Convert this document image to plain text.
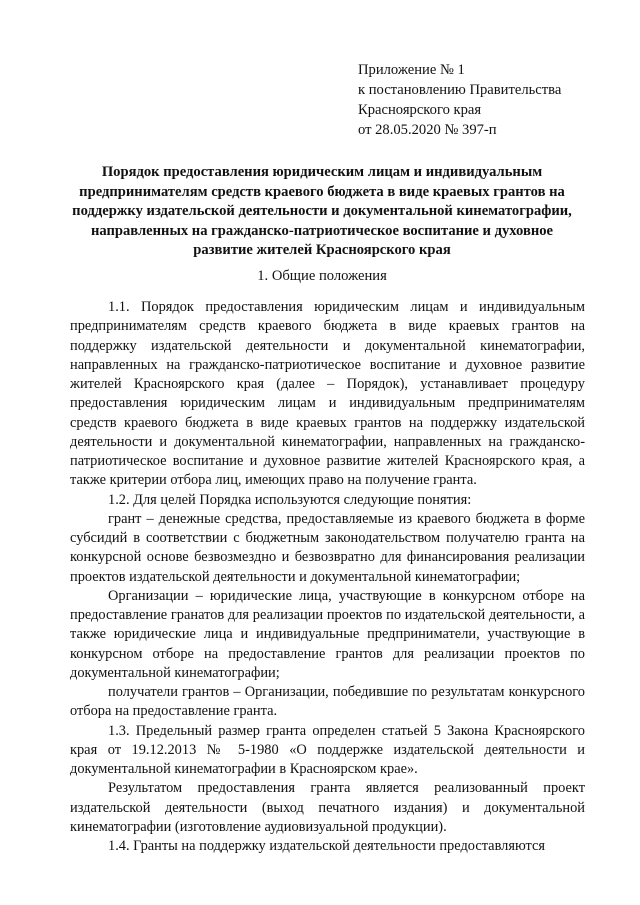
Приложение № 1
к постановлению Правительства
Красноярского края
от 28.05.2020 № 397-п
Порядок предоставления юридическим лицам и индивидуальным предпринимателям средств краевого бюджета в виде краевых грантов на поддержку издательской деятельности и документальной кинематографии, направленных на гражданско-патриотическое воспитание и духовное развитие жителей Красноярского края
1. Общие положения

1.1. Порядок предоставления юридическим лицам и индивидуальным предпринимателям средств краевого бюджета в виде краевых грантов на поддержку издательской деятельности и документальной кинематографии, направленных на гражданско-патриотическое воспитание и духовное развитие жителей Красноярского края (далее – Порядок), устанавливает процедуру предоставления юридическим лицам и индивидуальным предпринимателям средств краевого бюджета в виде краевых грантов на поддержку издательской деятельности и документальной кинематографии, направленных на гражданско-патриотическое воспитание и духовное развитие жителей Красноярского края, а также критерии отбора лиц, имеющих право на получение гранта.

1.2. Для целей Порядка используются следующие понятия:

грант – денежные средства, предоставляемые из краевого бюджета в форме субсидий в соответствии с бюджетным законодательством получателю гранта на конкурсной основе безвозмездно и безвозвратно для финансирования реализации проектов издательской деятельности и документальной кинематографии;

Организации – юридические лица, участвующие в конкурсном отборе на предоставление гранатов для реализации проектов по издательской деятельности, а также юридические лица и индивидуальные предприниматели, участвующие в конкурсном отборе на предоставление грантов для реализации проектов по документальной кинематографии;

получатели грантов – Организации, победившие по результатам конкурсного отбора на предоставление гранта.

1.3. Предельный размер гранта определен статьей 5 Закона Красноярского края от 19.12.2013 № 5-1980 «О поддержке издательской деятельности и документальной кинематографии в Красноярском крае».

Результатом предоставления гранта является реализованный проект издательской деятельности (выход печатного издания) и документальной кинематографии (изготовление аудиовизуальной продукции).

1.4. Гранты на поддержку издательской деятельности предоставляются
